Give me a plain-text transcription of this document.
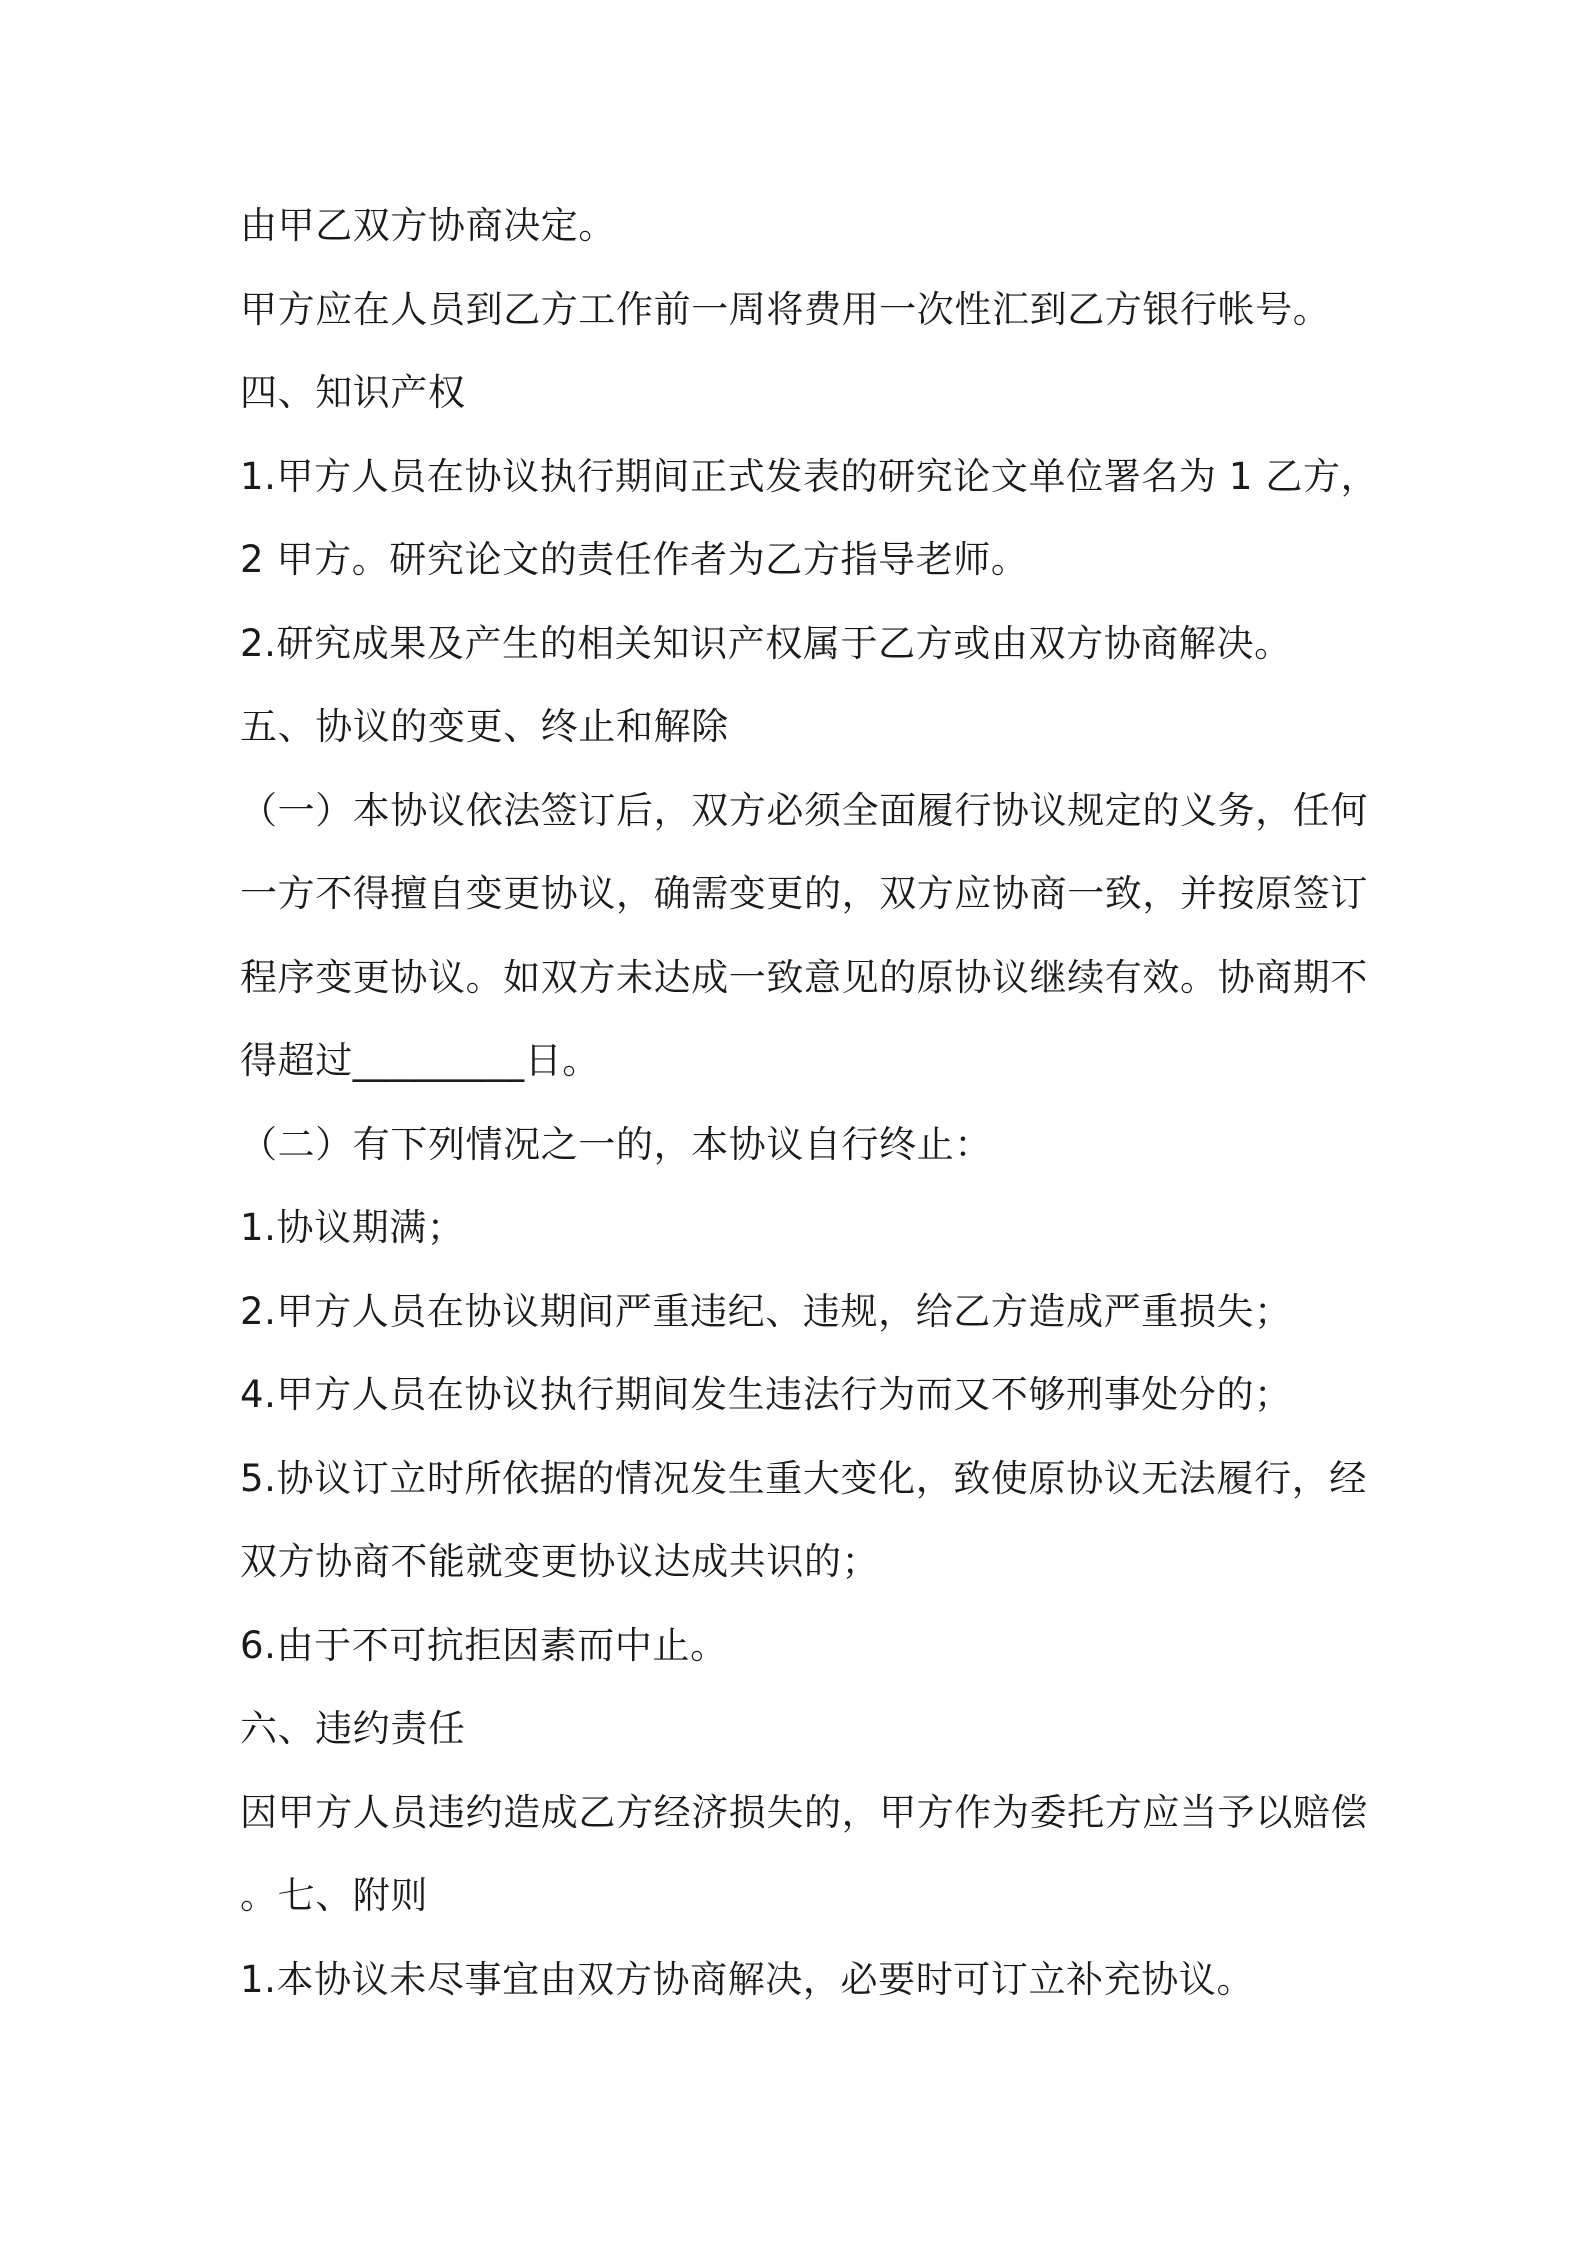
由甲乙双方协商决定。
甲方应在人员到乙方工作前一周将费用一次性汇到乙方银行帐号。
四、知识产权
1.甲方人员在协议执行期间正式发表的研究论文单位署名为 1 乙方，
2 甲方。研究论文的责任作者为乙方指导老师。
2.研究成果及产生的相关知识产权属于乙方或由双方协商解决。
五、协议的变更、终止和解除
（一）本协议依法签订后，双方必须全面履行协议规定的义务，任何
一方不得擅自变更协议，确需变更的，双方应协商一致，并按原签订
程序变更协议。如双方未达成一致意见的原协议继续有效。协商期不
得超过_________日。
（二）有下列情况之一的，本协议自行终止：
1.协议期满；
2.甲方人员在协议期间严重违纪、违规，给乙方造成严重损失；
4.甲方人员在协议执行期间发生违法行为而又不够刑事处分的；
5.协议订立时所依据的情况发生重大变化，致使原协议无法履行，经
双方协商不能就变更协议达成共识的；
6.由于不可抗拒因素而中止。
六、违约责任
因甲方人员违约造成乙方经济损失的，甲方作为委托方应当予以赔偿
。七、附则
1.本协议未尽事宜由双方协商解决，必要时可订立补充协议。
